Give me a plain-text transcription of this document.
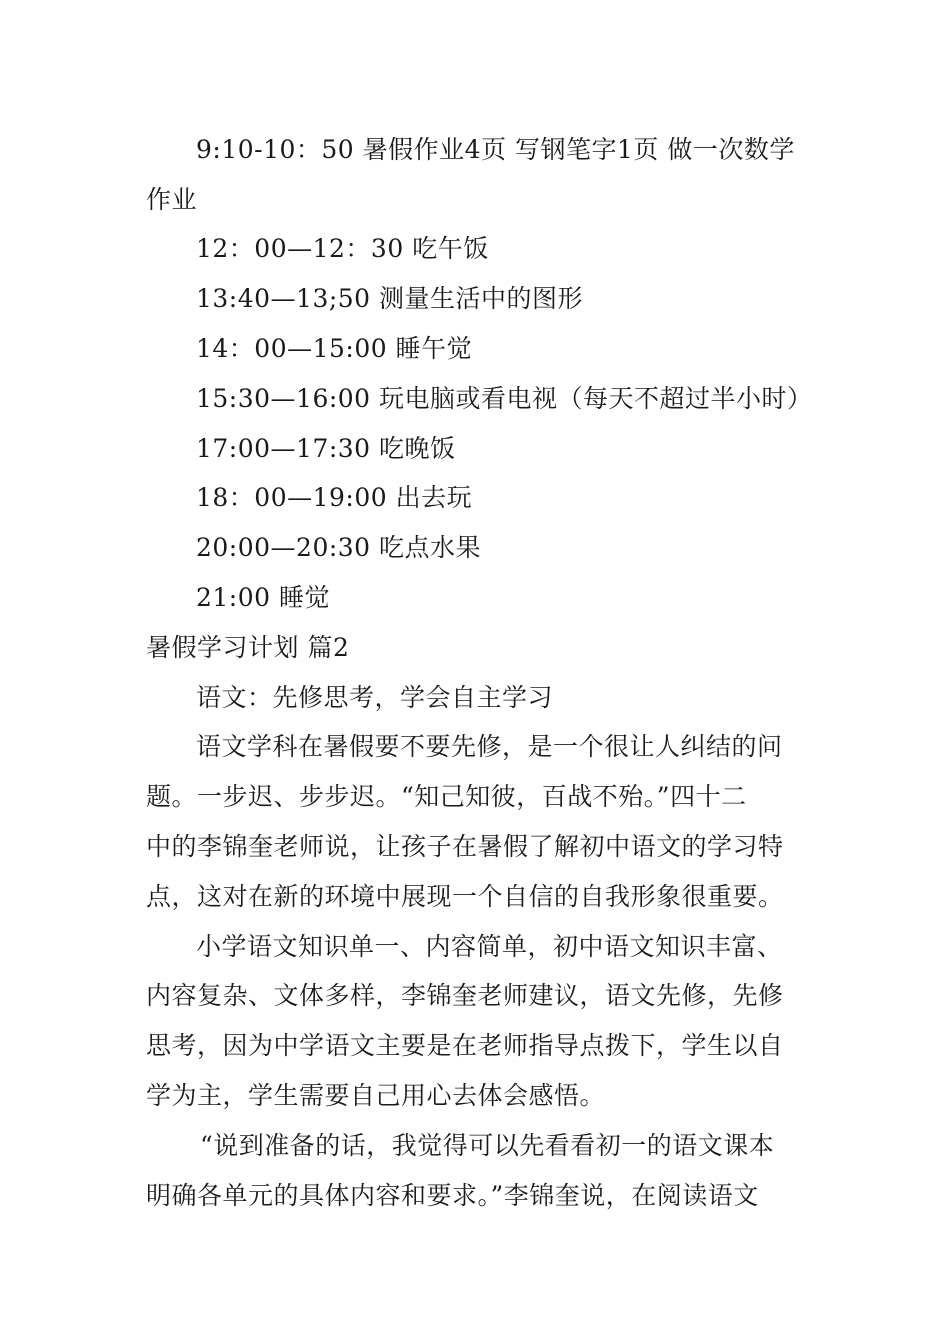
9:10-10：50 暑假作业4页 写钢笔字1页 做一次数学
作业
12：00—12：30 吃午饭
13:40—13;50 测量生活中的图形
14：00—15:00 睡午觉
15:30—16:00 玩电脑或看电视（每天不超过半小时）
17:00—17:30 吃晚饭
18：00—19:00 出去玩
20:00—20:30 吃点水果
21:00 睡觉
暑假学习计划 篇2
语文：先修思考，学会自主学习
语文学科在暑假要不要先修，是一个很让人纠结的问
题。一步迟、步步迟。“知己知彼，百战不殆。”四十二
中的李锦奎老师说，让孩子在暑假了解初中语文的学习特
点，这对在新的环境中展现一个自信的自我形象很重要。
小学语文知识单一、内容简单，初中语文知识丰富、
内容复杂、文体多样，李锦奎老师建议，语文先修，先修
思考，因为中学语文主要是在老师指导点拨下，学生以自
学为主，学生需要自己用心去体会感悟。
“说到准备的话，我觉得可以先看看初一的语文课本
明确各单元的具体内容和要求。”李锦奎说，在阅读语文
